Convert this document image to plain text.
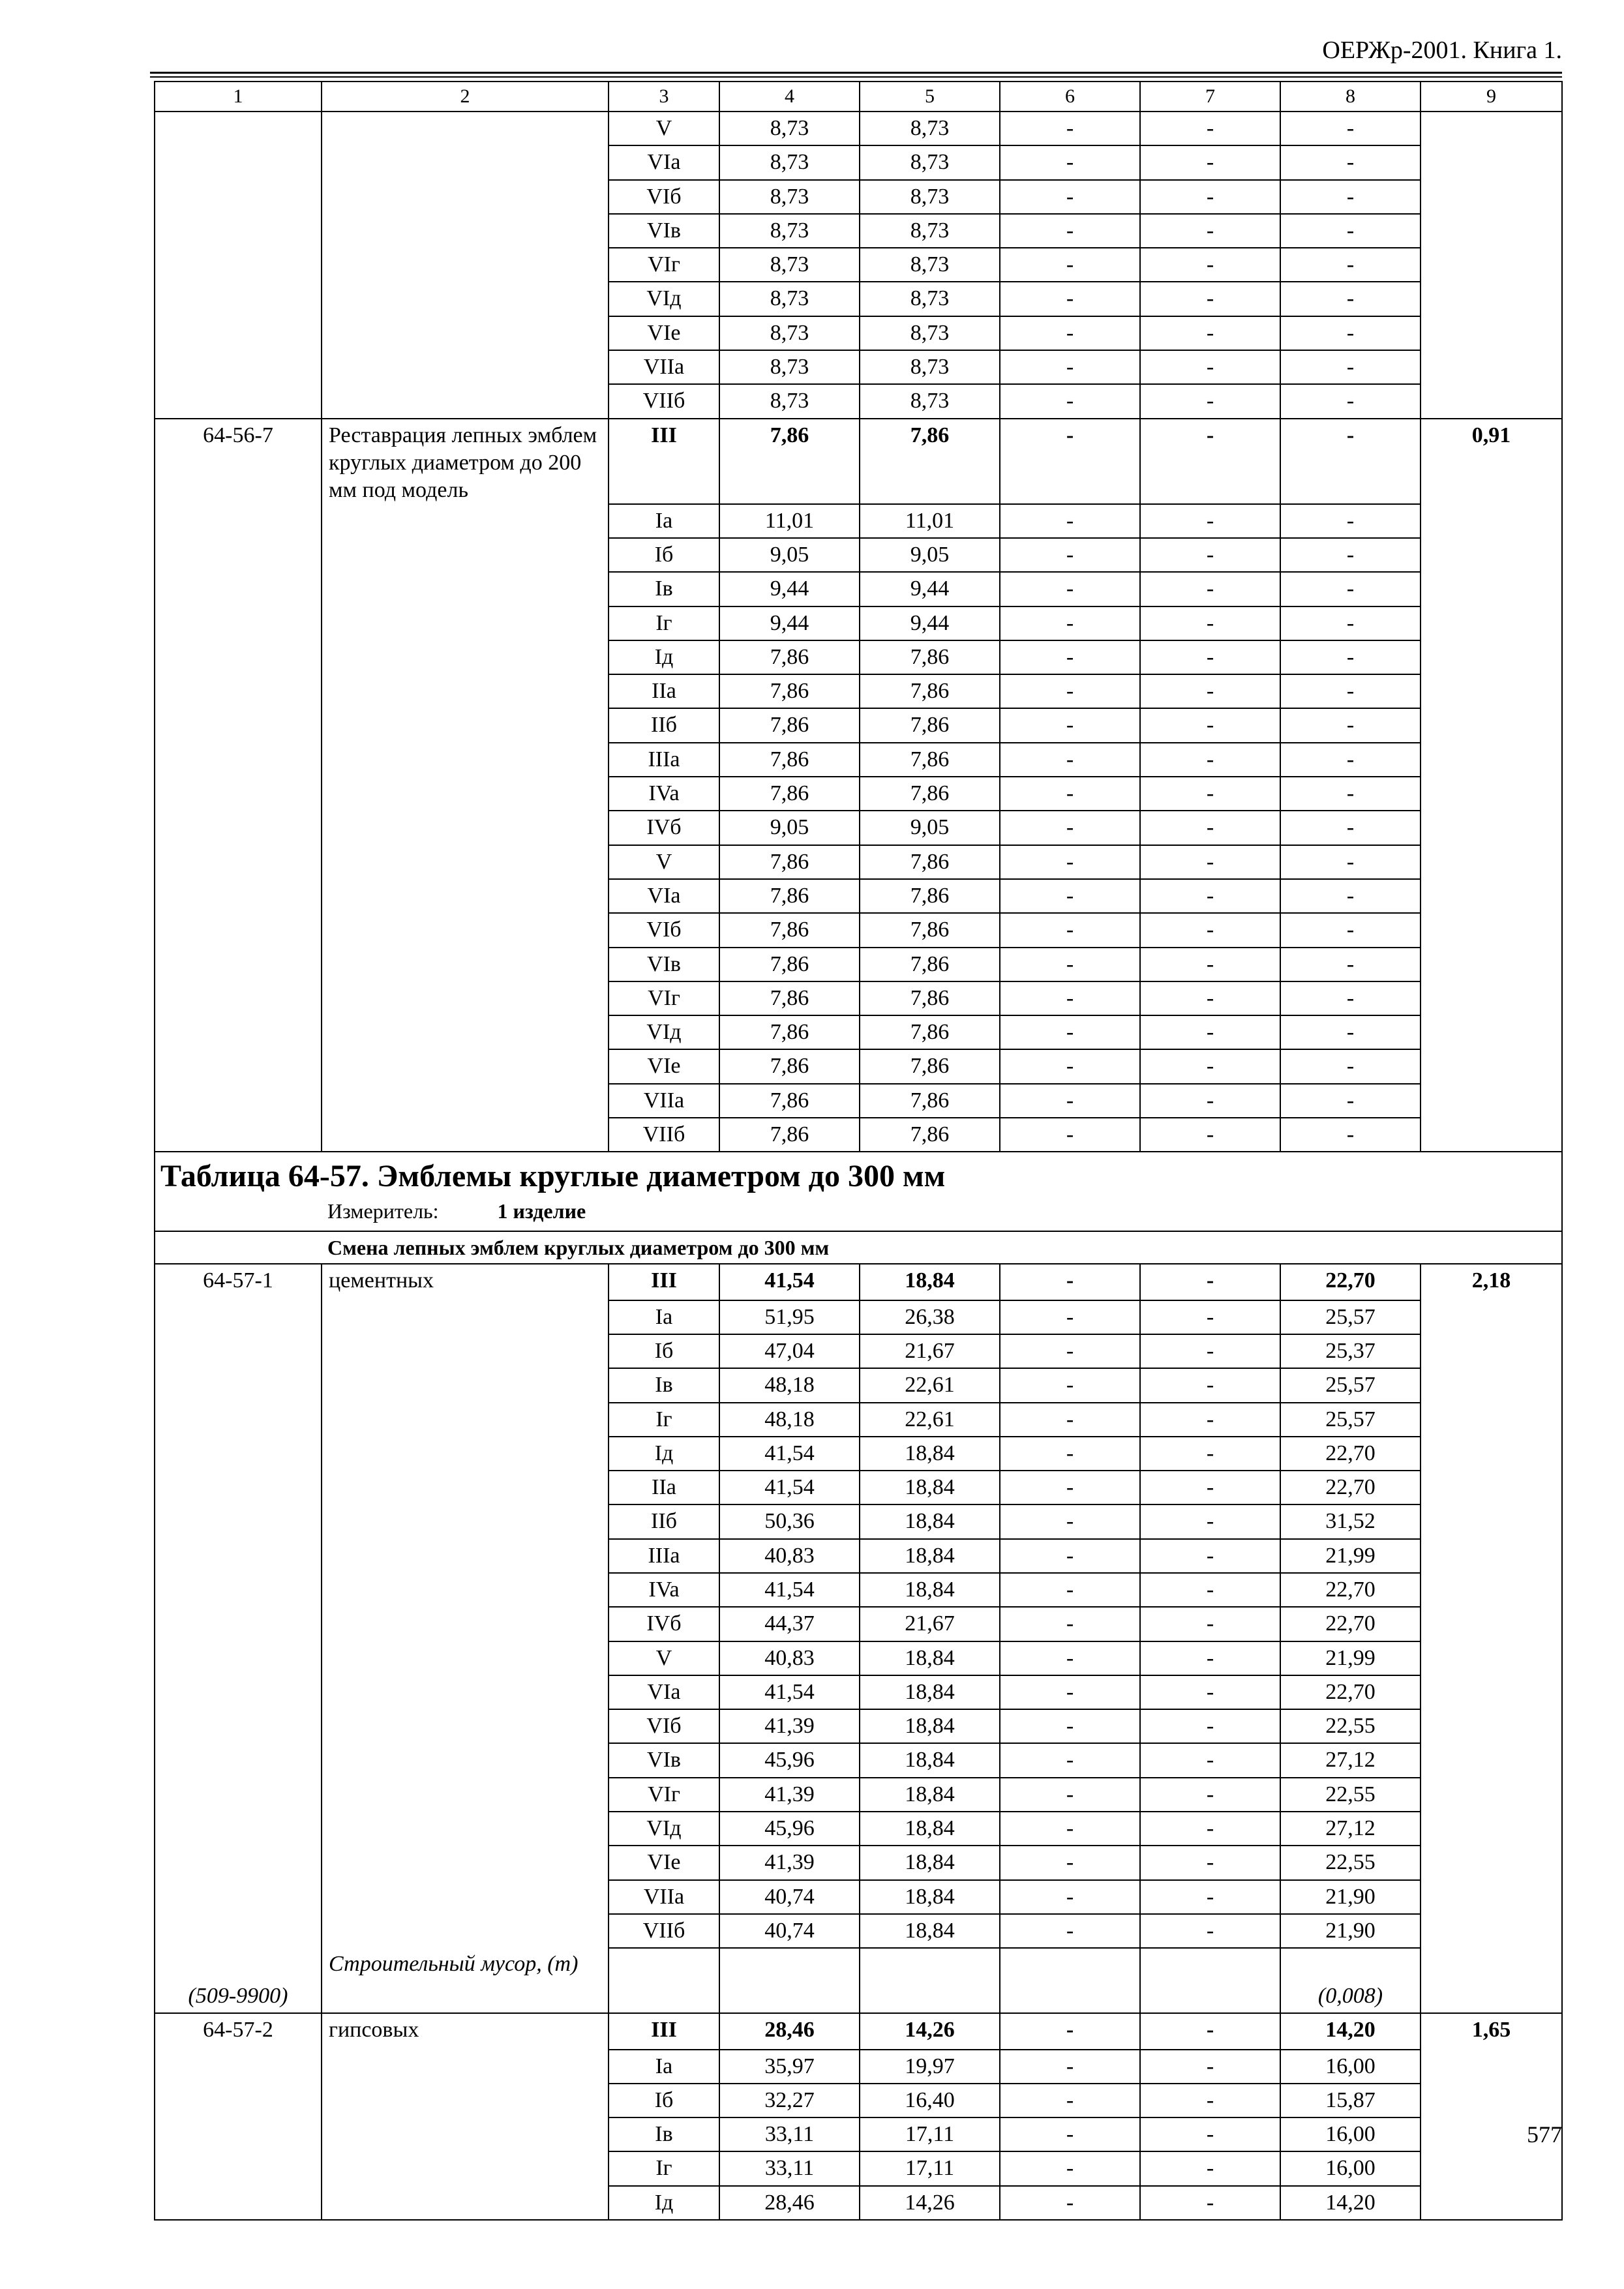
ОЕРЖр-2001. Книга 1.
1	2	3	4	5	6	7	8	9
		V	8,73	8,73	-	-	-	
		VIa	8,73	8,73	-	-	-	
		VIб	8,73	8,73	-	-	-	
		VIв	8,73	8,73	-	-	-	
		VIг	8,73	8,73	-	-	-	
		VIд	8,73	8,73	-	-	-	
		VIе	8,73	8,73	-	-	-	
		VIIa	8,73	8,73	-	-	-	
		VIIб	8,73	8,73	-	-	-	
64-56-7	Реставрация лепных эмблем круглых диаметром до 200 мм под модель	III	7,86	7,86	-	-	-	0,91
		Ia	11,01	11,01	-	-	-	
		Iб	9,05	9,05	-	-	-	
		Iв	9,44	9,44	-	-	-	
		Iг	9,44	9,44	-	-	-	
		Iд	7,86	7,86	-	-	-	
		IIa	7,86	7,86	-	-	-	
		IIб	7,86	7,86	-	-	-	
		IIIa	7,86	7,86	-	-	-	
		IVa	7,86	7,86	-	-	-	
		IVб	9,05	9,05	-	-	-	
		V	7,86	7,86	-	-	-	
		VIa	7,86	7,86	-	-	-	
		VIб	7,86	7,86	-	-	-	
		VIв	7,86	7,86	-	-	-	
		VIг	7,86	7,86	-	-	-	
		VIд	7,86	7,86	-	-	-	
		VIе	7,86	7,86	-	-	-	
		VIIa	7,86	7,86	-	-	-	
		VIIб	7,86	7,86	-	-	-	

Таблица 64-57. Эмблемы круглые диаметром до 300 мм
Измеритель: 1 изделие								

Смена лепных эмблем круглых диаметром до 300 мм								
64-57-1	цементных	III	41,54	18,84	-	-	22,70	2,18
		Ia	51,95	26,38	-	-	25,57	
		Iб	47,04	21,67	-	-	25,37	
		Iв	48,18	22,61	-	-	25,57	
		Iг	48,18	22,61	-	-	25,57	
		Iд	41,54	18,84	-	-	22,70	
		IIa	41,54	18,84	-	-	22,70	
		IIб	50,36	18,84	-	-	31,52	
		IIIa	40,83	18,84	-	-	21,99	
		IVa	41,54	18,84	-	-	22,70	
		IVб	44,37	21,67	-	-	22,70	
		V	40,83	18,84	-	-	21,99	
		VIa	41,54	18,84	-	-	22,70	
		VIб	41,39	18,84	-	-	22,55	
		VIв	45,96	18,84	-	-	27,12	
		VIг	41,39	18,84	-	-	22,55	
		VIд	45,96	18,84	-	-	27,12	
		VIе	41,39	18,84	-	-	22,55	
		VIIa	40,74	18,84	-	-	21,90	
		VIIб	40,74	18,84	-	-	21,90	
(509-9900)	Строительный мусор, (т)						(0,008)	
64-57-2	гипсовых	III	28,46	14,26	-	-	14,20	1,65
		Ia	35,97	19,97	-	-	16,00	
		Iб	32,27	16,40	-	-	15,87	
		Iв	33,11	17,11	-	-	16,00	
		Iг	33,11	17,11	-	-	16,00	
		Iд	28,46	14,26	-	-	14,20	
577
